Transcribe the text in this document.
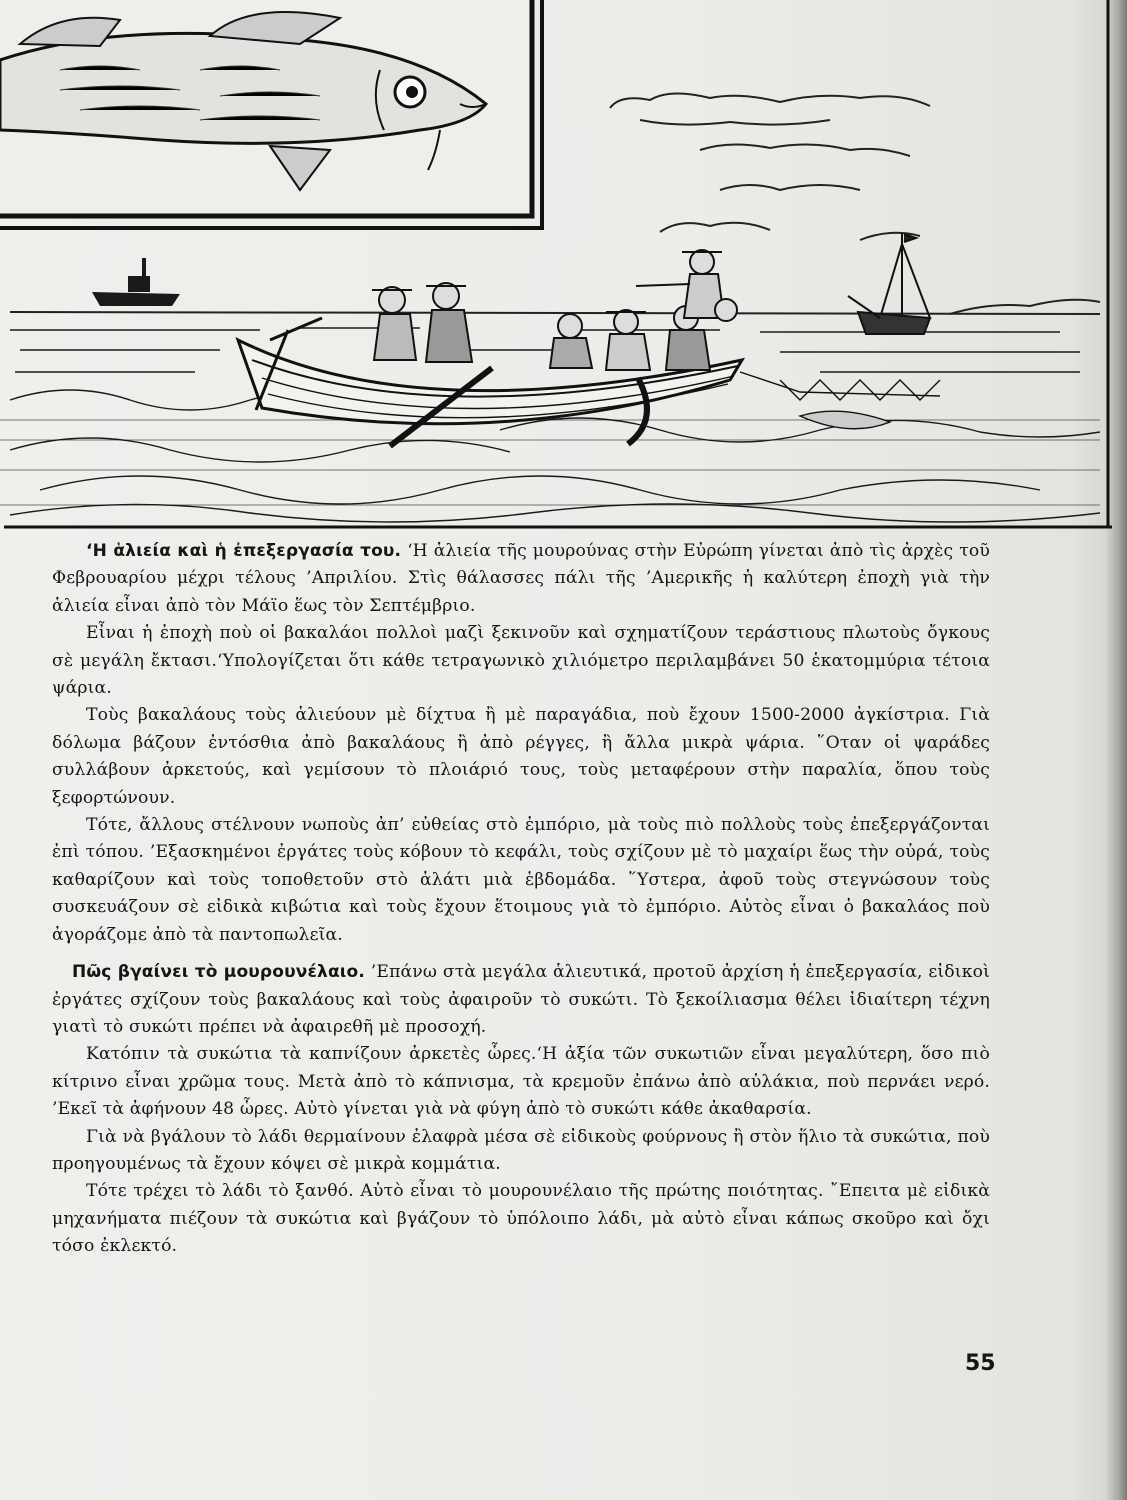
‘Η ἁλιεία καὶ ἡ ἐπεξεργασία του. ‘Η ἁλιεία τῆς μουρούνας στὴν Εὐρώπη γίνεται ἀπὸ τὶς ἀρχὲς τοῦ Φεβρουαρίου μέχρι τέλους ’Απριλίου. Στὶς θάλασσες πάλι τῆς ’Αμερικῆς ἡ καλύτερη ἐποχὴ γιὰ τὴν ἁλιεία εἶναι ἀπὸ τὸν Μάϊο ἕως τὸν Σεπτέμβριο.

Εἶναι ἡ ἐποχὴ ποὺ οἱ βακαλάοι πολλοὶ μαζὶ ξεκινοῦν καὶ σχηματίζουν τεράστιους πλωτοὺς ὄγκους σὲ μεγάλη ἔκτασι.‘Υπολογίζεται ὅτι κάθε τετραγωνικὸ χιλιόμετρο περιλαμβάνει 50 ἑκατομμύρια τέτοια ψάρια.

Τοὺς βακαλάους τοὺς ἁλιεύουν μὲ δίχτυα ἢ μὲ παραγάδια, ποὺ ἔχουν 1500-2000 ἀγκίστρια. Γιὰ δόλωμα βάζουν ἐντόσθια ἀπὸ βακαλάους ἢ ἀπὸ ρέγγες, ἢ ἄλλα μικρὰ ψάρια. ῞Οταν οἱ ψαράδες συλλάβουν ἀρκετούς, καὶ γεμίσουν τὸ πλοιάριό τους, τοὺς μεταφέρουν στὴν παραλία, ὅπου τοὺς ξεφορτώνουν.

Τότε, ἄλλους στέλνουν νωποὺς ἀπ’ εὐθείας στὸ ἐμπόριο, μὰ τοὺς πιὸ πολλοὺς τοὺς ἐπεξεργάζονται ἐπὶ τόπου. ’Εξασκημένοι ἐργάτες τοὺς κόβουν τὸ κεφάλι, τοὺς σχίζουν μὲ τὸ μαχαίρι ἕως τὴν οὐρά, τοὺς καθαρίζουν καὶ τοὺς τοποθετοῦν στὸ ἁλάτι μιὰ ἑβδομάδα. ῞Υστερα, ἀφοῦ τοὺς στεγνώσουν τοὺς συσκευάζουν σὲ εἰδικὰ κιβώτια καὶ τοὺς ἔχουν ἕτοιμους γιὰ τὸ ἐμπόριο. Αὐτὸς εἶναι ὁ βακαλάος ποὺ ἀγοράζομε ἀπὸ τὰ παντοπωλεῖα.

Πῶς βγαίνει τὸ μουρουνέλαιο. ’Επάνω στὰ μεγάλα ἁλιευτικά, προτοῦ ἀρχίση ἡ ἐπεξεργασία, εἰδικοὶ ἐργάτες σχίζουν τοὺς βακαλάους καὶ τοὺς ἀφαιροῦν τὸ συκώτι. Τὸ ξεκοίλιασμα θέλει ἰδιαίτερη τέχνη γιατὶ τὸ συκώτι πρέπει νὰ ἀφαιρεθῆ μὲ προσοχή.

Κατόπιν τὰ συκώτια τὰ καπνίζουν ἀρκετὲς ὧρες.‘Η ἀξία τῶν συκωτιῶν εἶναι μεγαλύτερη, ὅσο πιὸ κίτρινο εἶναι χρῶμα τους. Μετὰ ἀπὸ τὸ κάπνισμα, τὰ κρεμοῦν ἐπάνω ἀπὸ αὐλάκια, ποὺ περνάει νερό. ’Εκεῖ τὰ ἀφήνουν 48 ὧρες. Αὐτὸ γίνεται γιὰ νὰ φύγη ἀπὸ τὸ συκώτι κάθε ἀκαθαρσία.

Γιὰ νὰ βγάλουν τὸ λάδι θερμαίνουν ἐλαφρὰ μέσα σὲ εἰδικοὺς φούρνους ἢ στὸν ἥλιο τὰ συκώτια, ποὺ προηγουμένως τὰ ἔχουν κόψει σὲ μικρὰ κομμάτια.

Τότε τρέχει τὸ λάδι τὸ ξανθό. Αὐτὸ εἶναι τὸ μουρουνέλαιο τῆς πρώτης ποιότητας. ῎Επειτα μὲ εἰδικὰ μηχανήματα πιέζουν τὰ συκώτια καὶ βγάζουν τὸ ὑπόλοιπο λάδι, μὰ αὐτὸ εἶναι κάπως σκοῦρο καὶ ὄχι τόσο ἐκλεκτό.

55
